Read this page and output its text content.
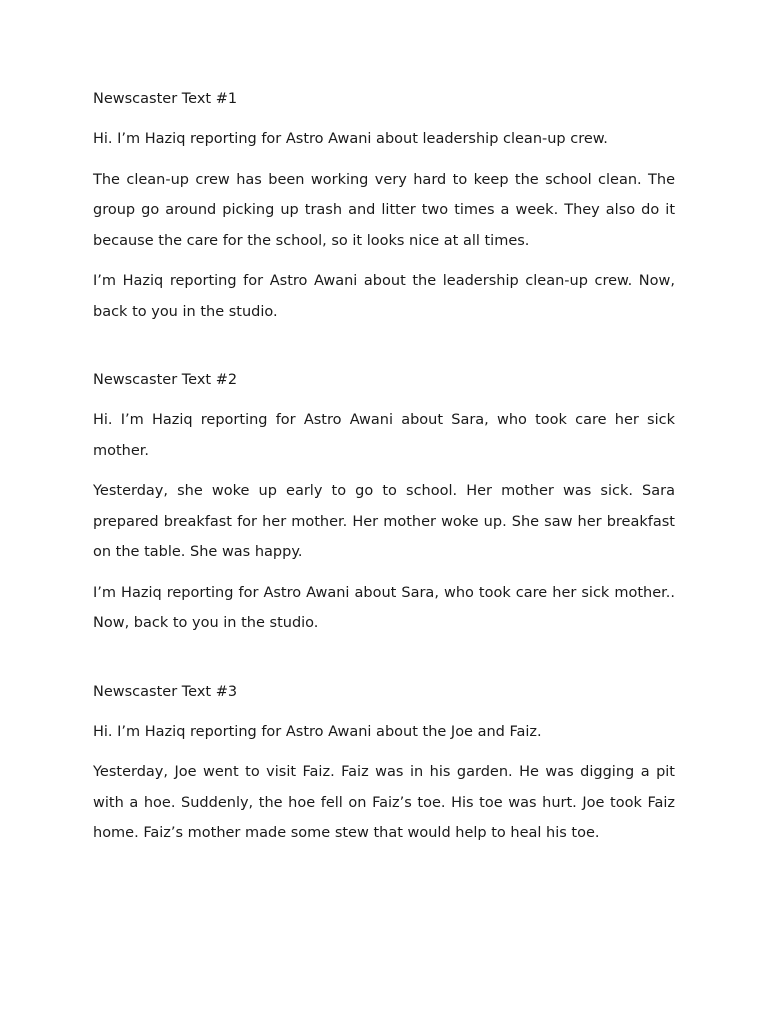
Newscaster Text #1

Hi. I’m Haziq reporting for Astro Awani about leadership clean-up crew.

The clean-up crew has been working very hard to keep the school clean. The group go around picking up trash and litter two times a week. They also do it because the care for the school, so it looks nice at all times.

I’m Haziq reporting for Astro Awani about the leadership clean-up crew. Now, back to you in the studio.

Newscaster Text #2

Hi. I’m Haziq reporting for Astro Awani about Sara, who took care her sick mother.

Yesterday, she woke up early to go to school. Her mother was sick. Sara prepared breakfast for her mother. Her mother woke up. She saw her breakfast on the table. She was happy.

I’m Haziq reporting for Astro Awani about Sara, who took care her sick mother.. Now, back to you in the studio.

Newscaster Text #3

Hi. I’m Haziq reporting for Astro Awani about the Joe and Faiz.

Yesterday, Joe went to visit Faiz. Faiz was in his garden. He was digging a pit with a hoe. Suddenly, the hoe fell on Faiz’s toe. His toe was hurt. Joe took Faiz home. Faiz’s mother made some stew that would help to heal his toe.
